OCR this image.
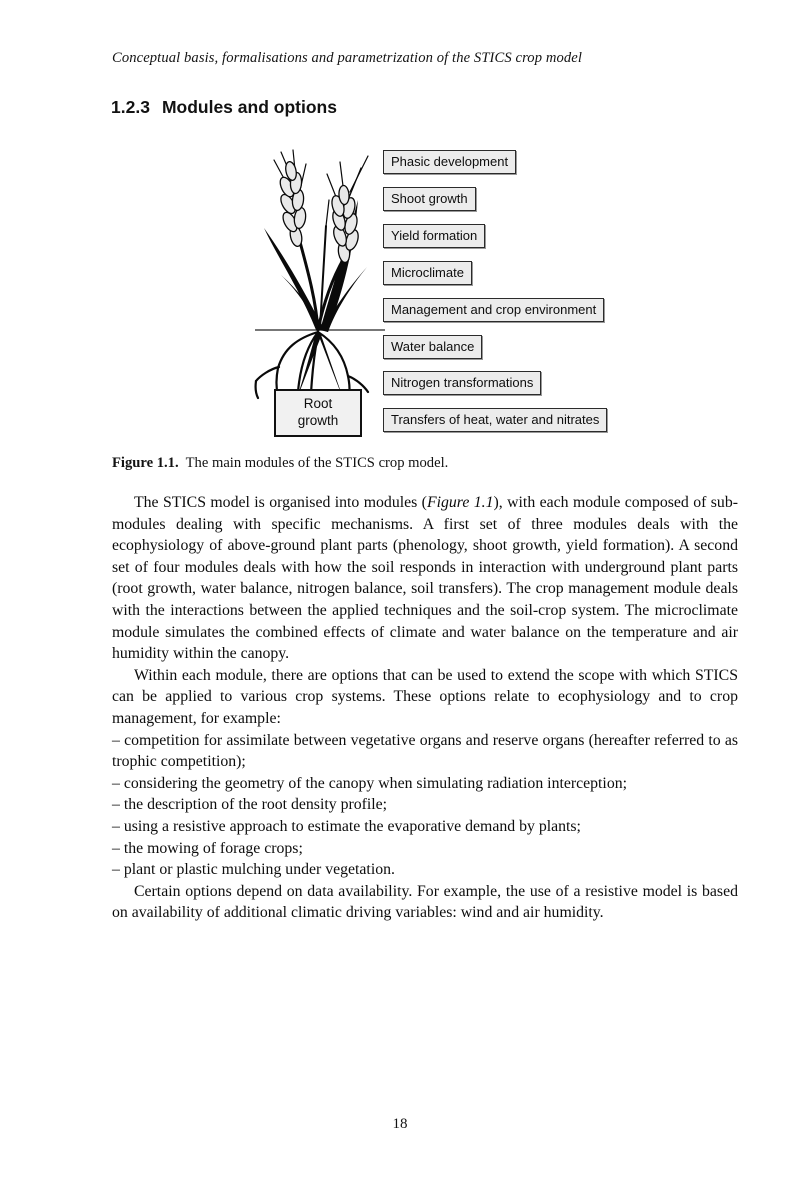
Conceptual basis, formalisations and parametrization of the STICS crop model
1.2.3 Modules and options
Phasic development
Shoot growth
Yield formation
Microclimate
Management and crop environment
Water balance
Nitrogen transformations
Transfers of heat, water and nitrates
Root
growth
Figure 1.1. The main modules of the STICS crop model.

The STICS model is organised into modules (Figure 1.1), with each module composed of sub-modules dealing with specific mechanisms. A first set of three modules deals with the ecophysiology of above-ground plant parts (phenology, shoot growth, yield formation). A second set of four modules deals with how the soil responds in interaction with underground plant parts (root growth, water balance, nitrogen balance, soil transfers). The crop management module deals with the interactions between the applied techniques and the soil-crop system. The microclimate module simulates the combined effects of climate and water balance on the temperature and air humidity within the canopy.

Within each module, there are options that can be used to extend the scope with which STICS can be applied to various crop systems. These options relate to ecophysiology and to crop management, for example:

– competition for assimilate between vegetative organs and reserve organs (hereafter referred to as trophic competition);

– considering the geometry of the canopy when simulating radiation interception;

– the description of the root density profile;

– using a resistive approach to estimate the evaporative demand by plants;

– the mowing of forage crops;

– plant or plastic mulching under vegetation.

Certain options depend on data availability. For example, the use of a resistive model is based on availability of additional climatic driving variables: wind and air humidity.

18
